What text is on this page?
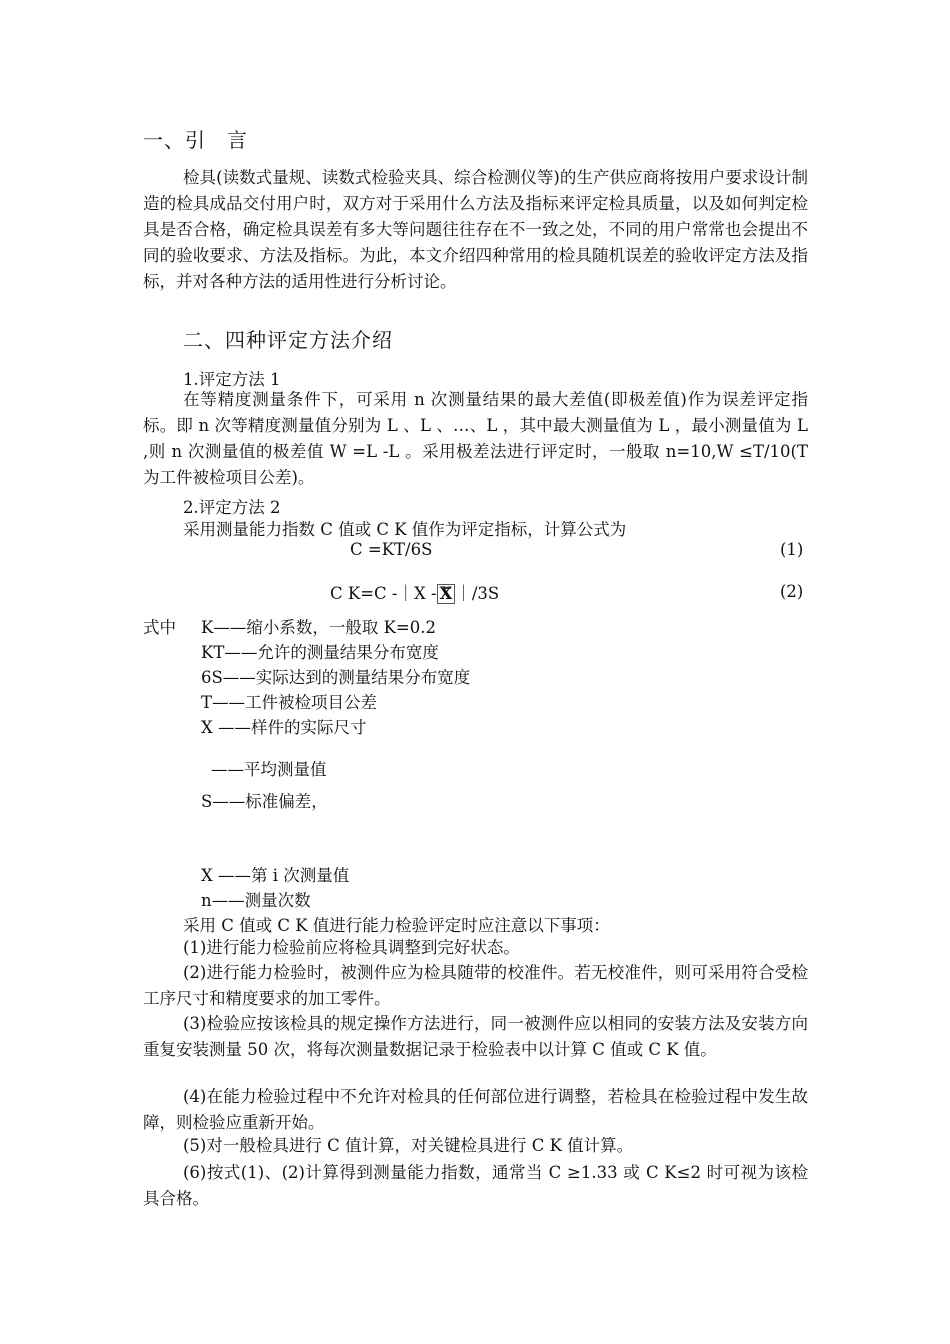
一、引　言

检具(读数式量规、读数式检验夹具、综合检测仪等)的生产供应商将按用户要求设计制造的检具成品交付用户时，双方对于采用什么方法及指标来评定检具质量，以及如何判定检具是否合格，确定检具误差有多大等问题往往存在不一致之处，不同的用户常常也会提出不同的验收要求、方法及指标。为此，本文介绍四种常用的检具随机误差的验收评定方法及指标，并对各种方法的适用性进行分析讨论。

二、四种评定方法介绍
1.评定方法 1

在等精度测量条件下，可采用 n 次测量结果的最大差值(即极差值)作为误差评定指标。即 n 次等精度测量值分别为 L 、L 、…、L ，其中最大测量值为 L ，最小测量值为 L ,则 n 次测量值的极差值 W =L -L 。采用极差法进行评定时，一般取 n=10,W ≤T/10(T 为工件被检项目公差)。

2.评定方法 2
采用测量能力指数 C 值或 C K 值作为评定指标，计算公式为
C =KT/6S	(1)
C K=C -｜X - X ｜/3S	(2)
式中 K——缩小系数，一般取 K=0.2
KT——允许的测量结果分布宽度
6S——实际达到的测量结果分布宽度
T——工件被检项目公差
X ——样件的实际尺寸
——平均测量值
S——标准偏差，
X ——第 i 次测量值
n——测量次数
采用 C 值或 C K 值进行能力检验评定时应注意以下事项：

(1)进行能力检验前应将检具调整到完好状态。

(2)进行能力检验时，被测件应为检具随带的校准件。若无校准件，则可采用符合受检工序尺寸和精度要求的加工零件。

(3)检验应按该检具的规定操作方法进行，同一被测件应以相同的安装方法及安装方向重复安装测量 50 次，将每次测量数据记录于检验表中以计算 C 值或 C K 值。

(4)在能力检验过程中不允许对检具的任何部位进行调整，若检具在检验过程中发生故障，则检验应重新开始。

(5)对一般检具进行 C 值计算，对关键检具进行 C K 值计算。

(6)按式(1)、(2)计算得到测量能力指数，通常当 C ≥1.33 或 C K≤2 时可视为该检具合格。
